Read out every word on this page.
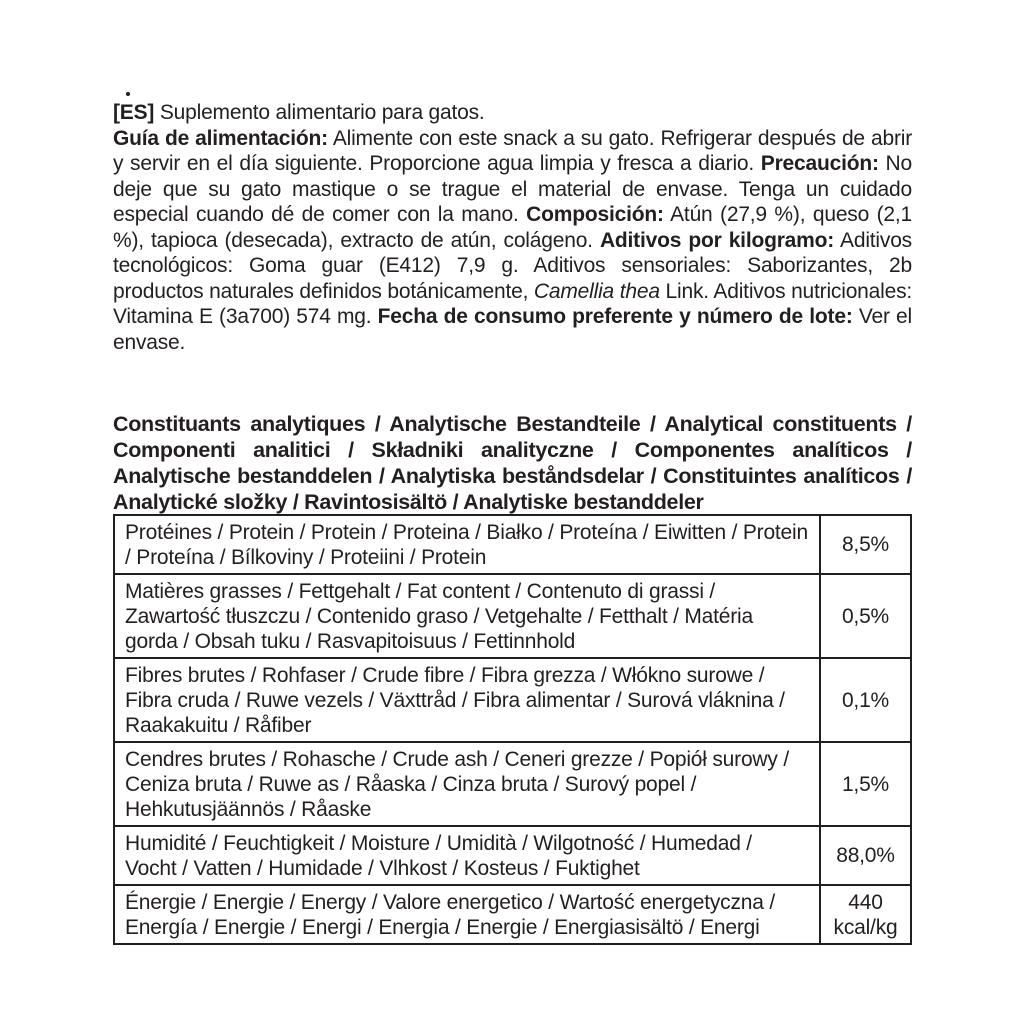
[ES] Suplemento alimentario para gatos.
Guía de alimentación: Alimente con este snack a su gato. Refrigerar después de abrir y servir en el día siguiente. Proporcione agua limpia y fresca a diario. Precaución: No deje que su gato mastique o se trague el material de envase. Tenga un cuidado especial cuando dé de comer con la mano. Composición: Atún (27,9 %), queso (2,1 %), tapioca (desecada), extracto de atún, colágeno. Aditivos por kilogramo: Aditivos tecnológicos: Goma guar (E412) 7,9 g. Aditivos sensoriales: Saborizantes, 2b productos naturales definidos botánicamente, Camellia thea Link. Aditivos nutricionales: Vitamina E (3a700) 574 mg. Fecha de consumo preferente y número de lote: Ver el envase.
Constituants analytiques / Analytische Bestandteile / Analytical constituents / Componenti analitici / Składniki analityczne / Componentes analíticos / Analytische bestanddelen / Analytiska beståndsdelar / Constituintes analíticos / Analytické složky / Ravintosisältö / Analytiske bestanddeler
Protéines / Protein / Protein / Proteina / Białko / Proteína / Eiwitten / Protein / Proteína / Bílkoviny / Proteiini / Protein	8,5%
Matières grasses / Fettgehalt / Fat content / Contenuto di grassi / Zawartość tłuszczu / Contenido graso / Vetgehalte / Fetthalt / Matéria gorda / Obsah tuku / Rasvapitoisuus / Fettinnhold	0,5%
Fibres brutes / Rohfaser / Crude fibre / Fibra grezza / Włókno surowe / Fibra cruda / Ruwe vezels / Växttråd / Fibra alimentar / Surová vláknina / Raakakuitu / Råfiber	0,1%
Cendres brutes / Rohasche / Crude ash / Ceneri grezze / Popiół surowy / Ceniza bruta / Ruwe as / Råaska / Cinza bruta / Surový popel / Hehkutusjäännös / Råaske	1,5%
Humidité / Feuchtigkeit / Moisture / Umidità / Wilgotność / Humedad / Vocht / Vatten / Humidade / Vlhkost / Kosteus / Fuktighet	88,0%
Énergie / Energie / Energy / Valore energetico / Wartość energetyczna / Energía / Energie / Energi / Energia / Energie / Energiasisältö / Energi	440 kcal/kg
